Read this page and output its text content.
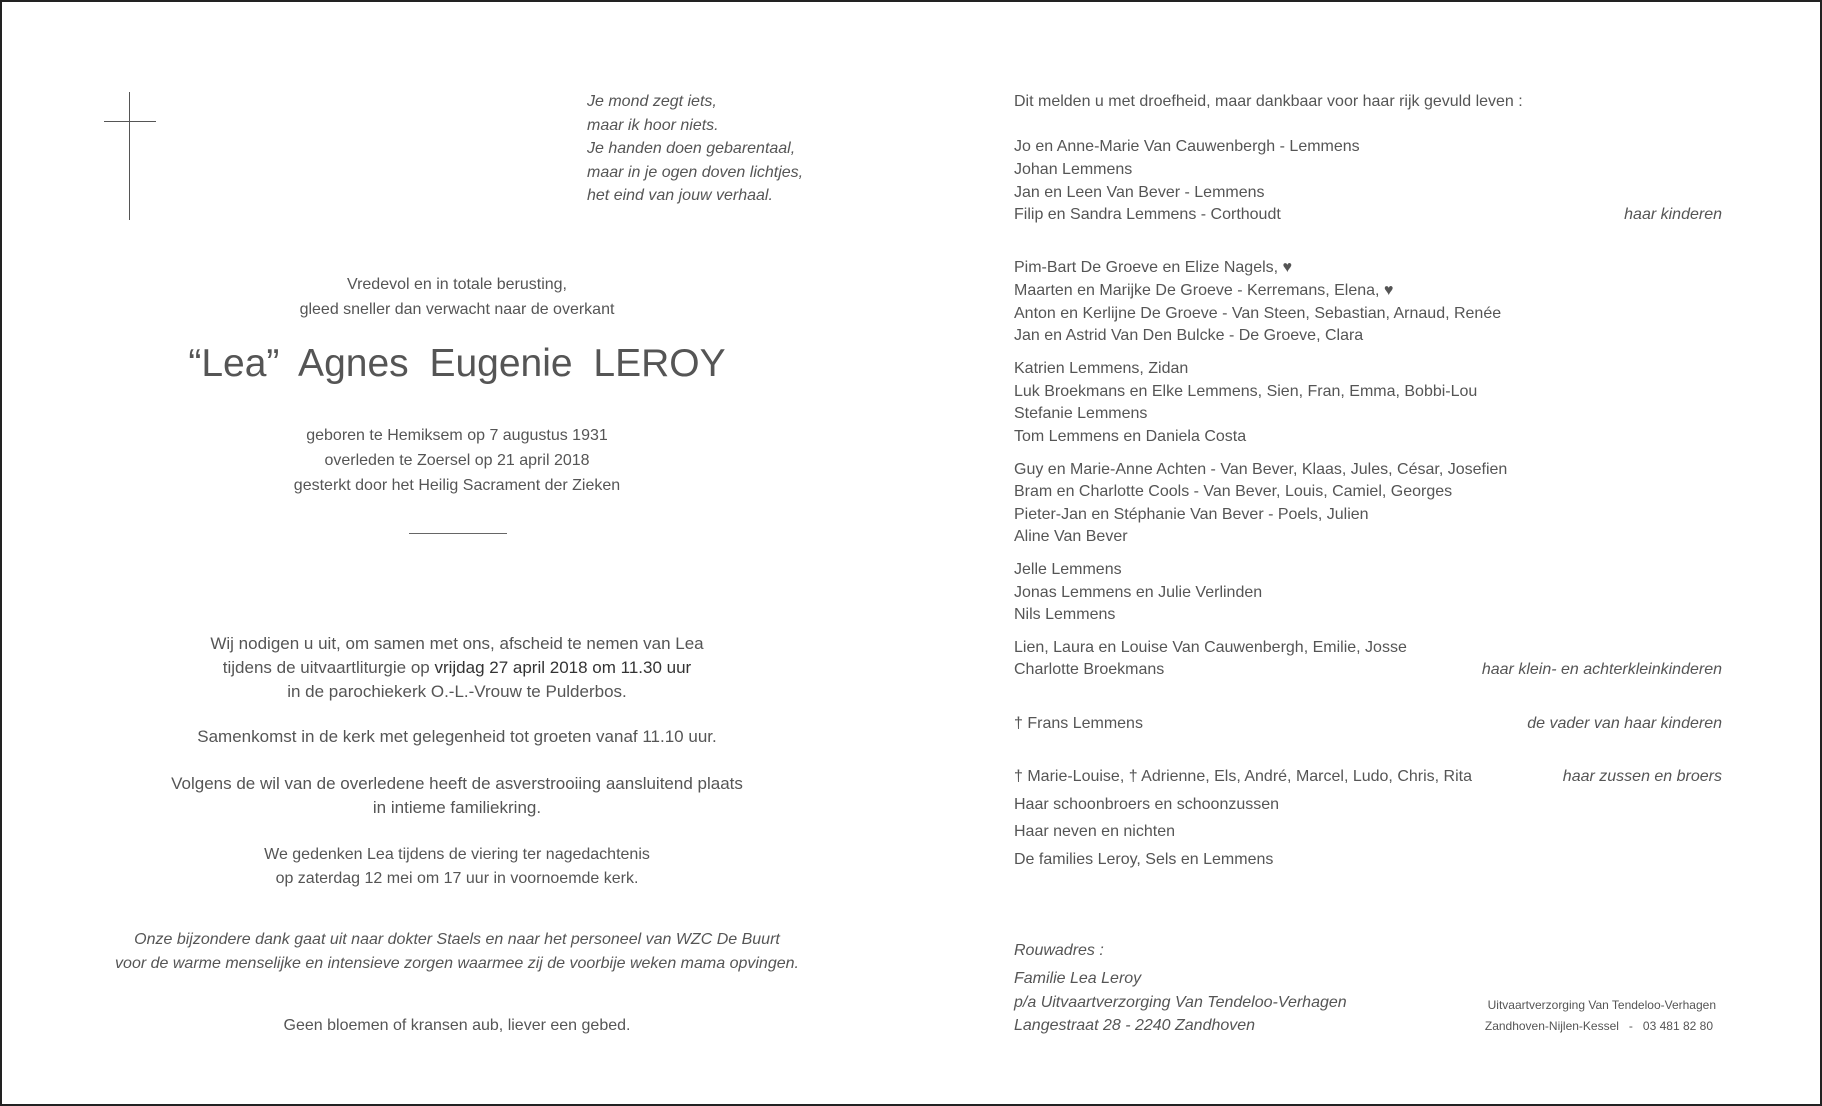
Je mond zegt iets,
maar ik hoor niets.
Je handen doen gebarentaal,
maar in je ogen doven lichtjes,
het eind van jouw verhaal.
Vredevol en in totale berusting,
gleed sneller dan verwacht naar de overkant
“Lea” Agnes Eugenie LEROY
geboren te Hemiksem op 7 augustus 1931
overleden te Zoersel op 21 april 2018
gesterkt door het Heilig Sacrament der Zieken
Wij nodigen u uit, om samen met ons, afscheid te nemen van Lea
tijdens de uitvaartliturgie op vrijdag 27 april 2018 om 11.30 uur
in de parochiekerk O.-L.-Vrouw te Pulderbos.
Samenkomst in de kerk met gelegenheid tot groeten vanaf 11.10 uur.
Volgens de wil van de overledene heeft de asverstrooiing aansluitend plaats
in intieme familiekring.
We gedenken Lea tijdens de viering ter nagedachtenis
op zaterdag 12 mei om 17 uur in voornoemde kerk.
Onze bijzondere dank gaat uit naar dokter Staels en naar het personeel van WZC De Buurt
voor de warme menselijke en intensieve zorgen waarmee zij de voorbije weken mama opvingen.
Geen bloemen of kransen aub, liever een gebed.
Dit melden u met droefheid, maar dankbaar voor haar rijk gevuld leven :
Jo en Anne-Marie Van Cauwenbergh - Lemmens
Johan Lemmens
Jan en Leen Van Bever - Lemmens
Filip en Sandra Lemmens - Corthoudt	haar kinderen
Pim-Bart De Groeve en Elize Nagels, ♥
Maarten en Marijke De Groeve - Kerremans, Elena, ♥
Anton en Kerlijne De Groeve - Van Steen, Sebastian, Arnaud, Renée
Jan en Astrid Van Den Bulcke - De Groeve, Clara
Katrien Lemmens, Zidan
Luk Broekmans en Elke Lemmens, Sien, Fran, Emma, Bobbi-Lou
Stefanie Lemmens
Tom Lemmens en Daniela Costa
Guy en Marie-Anne Achten - Van Bever, Klaas, Jules, César, Josefien
Bram en Charlotte Cools - Van Bever, Louis, Camiel, Georges
Pieter-Jan en Stéphanie Van Bever - Poels, Julien
Aline Van Bever
Jelle Lemmens
Jonas Lemmens en Julie Verlinden
Nils Lemmens
Lien, Laura en Louise Van Cauwenbergh, Emilie, Josse
Charlotte Broekmans	haar klein- en achterkleinkinderen
† Frans Lemmens	de vader van haar kinderen
† Marie-Louise, † Adrienne, Els, André, Marcel, Ludo, Chris, Rita	haar zussen en broers
Haar schoonbroers en schoonzussen
Haar neven en nichten
De families Leroy, Sels en Lemmens
Rouwadres :
Familie Lea Leroy
p/a Uitvaartverzorging Van Tendeloo-Verhagen
Langestraat 28 - 2240 Zandhoven
Uitvaartverzorging Van Tendeloo-Verhagen
Zandhoven-Nijlen-Kessel   -   03 481 82 80
